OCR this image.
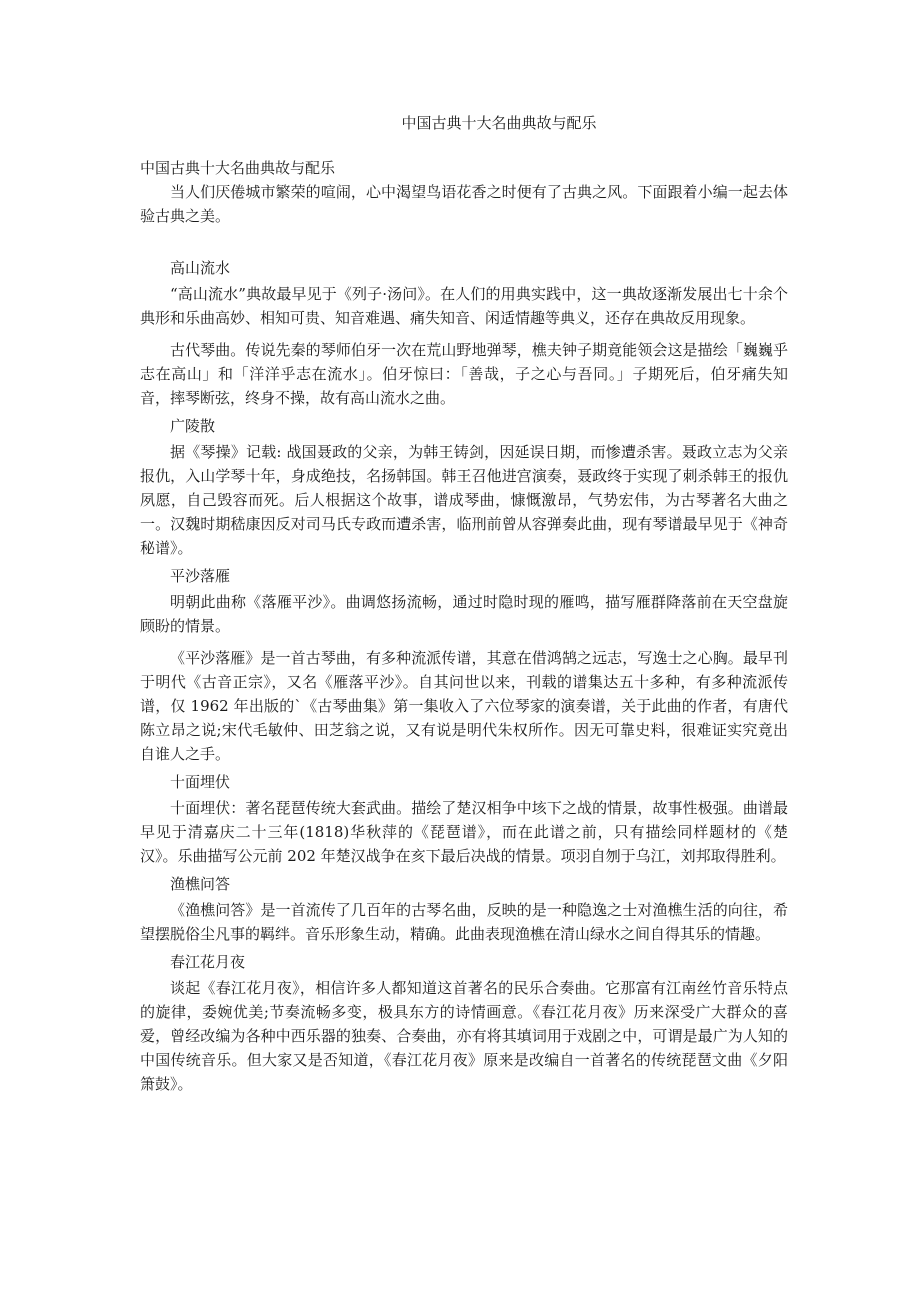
中国古典十大名曲典故与配乐
中国古典十大名曲典故与配乐

当人们厌倦城市繁荣的喧闹，心中渴望鸟语花香之时便有了古典之风。下面跟着小编一起去体验古典之美。

高山流水

“高山流水”典故最早见于《列子·汤问》。在人们的用典实践中，这一典故逐渐发展出七十余个典形和乐曲高妙、相知可贵、知音难遇、痛失知音、闲适情趣等典义，还存在典故反用现象。

古代琴曲。传说先秦的琴师伯牙一次在荒山野地弹琴，樵夫钟子期竟能领会这是描绘「巍巍乎志在高山」和「洋洋乎志在流水」。伯牙惊曰：「善哉，子之心与吾同。」子期死后，伯牙痛失知音，摔琴断弦，终身不操，故有高山流水之曲。

广陵散

据《琴操》记载: 战国聂政的父亲，为韩王铸剑，因延误日期，而惨遭杀害。聂政立志为父亲报仇，入山学琴十年，身成绝技，名扬韩国。韩王召他进宫演奏，聂政终于实现了刺杀韩王的报仇夙愿，自己毁容而死。后人根据这个故事，谱成琴曲，慷慨激昂，气势宏伟，为古琴著名大曲之一。汉魏时期嵇康因反对司马氏专政而遭杀害，临刑前曾从容弹奏此曲，现有琴谱最早见于《神奇秘谱》。

平沙落雁

明朝此曲称《落雁平沙》。曲调悠扬流畅，通过时隐时现的雁鸣，描写雁群降落前在天空盘旋顾盼的情景。

《平沙落雁》是一首古琴曲，有多种流派传谱，其意在借鸿鹄之远志，写逸士之心胸。最早刊于明代《古音正宗》，又名《雁落平沙》。自其问世以来，刊载的谱集达五十多种，有多种流派传谱，仅 1962 年出版的`《古琴曲集》第一集收入了六位琴家的演奏谱，关于此曲的作者，有唐代陈立昂之说;宋代毛敏仲、田芝翁之说，又有说是明代朱权所作。因无可靠史料，很难证实究竟出自谁人之手。

十面埋伏

十面埋伏：著名琵琶传统大套武曲。描绘了楚汉相争中垓下之战的情景，故事性极强。曲谱最早见于清嘉庆二十三年(1818)华秋萍的《琵琶谱》，而在此谱之前，只有描绘同样题材的《楚汉》。乐曲描写公元前 202 年楚汉战争在亥下最后决战的情景。项羽自刎于乌江，刘邦取得胜利。

渔樵问答

《渔樵问答》是一首流传了几百年的古琴名曲，反映的是一种隐逸之士对渔樵生活的向往，希望摆脱俗尘凡事的羁绊。音乐形象生动，精确。此曲表现渔樵在清山绿水之间自得其乐的情趣。

春江花月夜

谈起《春江花月夜》，相信许多人都知道这首著名的民乐合奏曲。它那富有江南丝竹音乐特点的旋律，委婉优美;节奏流畅多变，极具东方的诗情画意。《春江花月夜》历来深受广大群众的喜爱，曾经改编为各种中西乐器的独奏、合奏曲，亦有将其填词用于戏剧之中，可谓是最广为人知的中国传统音乐。但大家又是否知道，《春江花月夜》原来是改编自一首著名的传统琵琶文曲《夕阳箫鼓》。
